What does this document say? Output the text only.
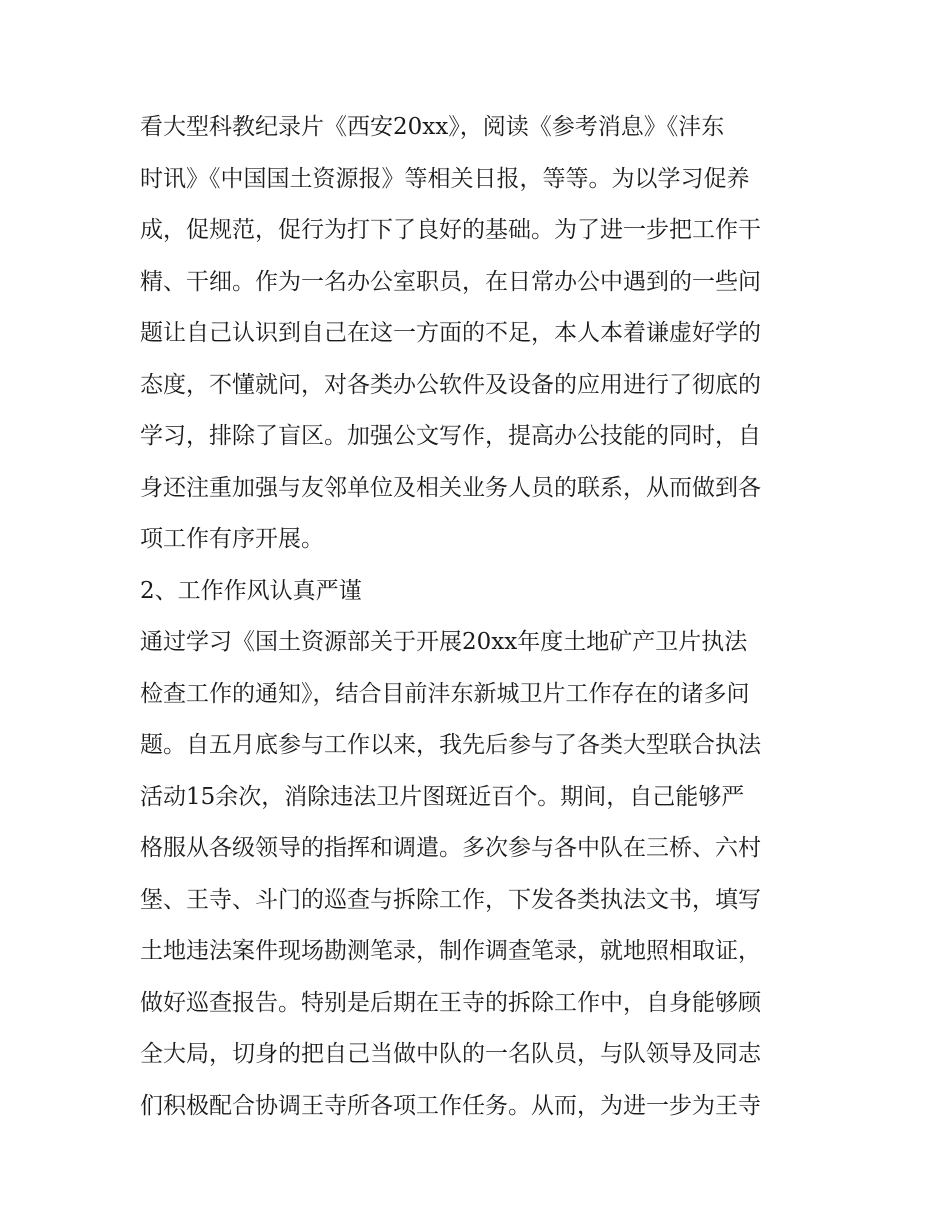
看大型科教纪录片《西安20xx》，阅读《参考消息》《沣东
时讯》《中国国土资源报》等相关日报，等等。为以学习促养
成，促规范，促行为打下了良好的基础。为了进一步把工作干
精、干细。作为一名办公室职员，在日常办公中遇到的一些问
题让自己认识到自己在这一方面的不足，本人本着谦虚好学的
态度，不懂就问，对各类办公软件及设备的应用进行了彻底的
学习，排除了盲区。加强公文写作，提高办公技能的同时，自
身还注重加强与友邻单位及相关业务人员的联系，从而做到各
项工作有序开展。
2、工作作风认真严谨
通过学习《国土资源部关于开展20xx年度土地矿产卫片执法
检查工作的通知》，结合目前沣东新城卫片工作存在的诸多问
题。自五月底参与工作以来，我先后参与了各类大型联合执法
活动15余次，消除违法卫片图斑近百个。期间，自己能够严
格服从各级领导的指挥和调遣。多次参与各中队在三桥、六村
堡、王寺、斗门的巡查与拆除工作，下发各类执法文书，填写
土地违法案件现场勘测笔录，制作调查笔录，就地照相取证，
做好巡查报告。特别是后期在王寺的拆除工作中，自身能够顾
全大局，切身的把自己当做中队的一名队员，与队领导及同志
们积极配合协调王寺所各项工作任务。从而，为进一步为王寺
